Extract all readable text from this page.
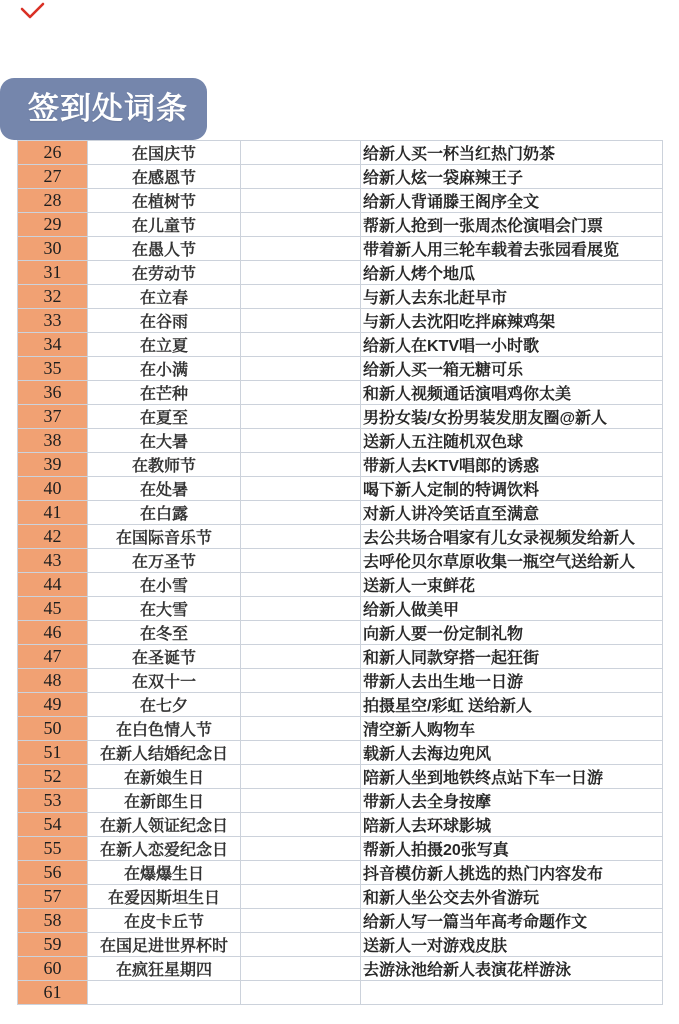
签到处词条
26	在国庆节		给新人买一杯当红热门奶茶
27	在感恩节		给新人炫一袋麻辣王子
28	在植树节		给新人背诵滕王阁序全文
29	在儿童节		帮新人抢到一张周杰伦演唱会门票
30	在愚人节		带着新人用三轮车载着去张园看展览
31	在劳动节		给新人烤个地瓜
32	在立春		与新人去东北赶早市
33	在谷雨		与新人去沈阳吃拌麻辣鸡架
34	在立夏		给新人在KTV唱一小时歌
35	在小满		给新人买一箱无糖可乐
36	在芒种		和新人视频通话演唱鸡你太美
37	在夏至		男扮女装/女扮男装发朋友圈@新人
38	在大暑		送新人五注随机双色球
39	在教师节		带新人去KTV唱郎的诱惑
40	在处暑		喝下新人定制的特调饮料
41	在白露		对新人讲冷笑话直至满意
42	在国际音乐节		去公共场合唱家有儿女录视频发给新人
43	在万圣节		去呼伦贝尔草原收集一瓶空气送给新人
44	在小雪		送新人一束鲜花
45	在大雪		给新人做美甲
46	在冬至		向新人要一份定制礼物
47	在圣诞节		和新人同款穿搭一起狂街
48	在双十一		带新人去出生地一日游
49	在七夕		拍摄星空/彩虹 送给新人
50	在白色情人节		清空新人购物车
51	在新人结婚纪念日		载新人去海边兜风
52	在新娘生日		陪新人坐到地铁终点站下车一日游
53	在新郎生日		带新人去全身按摩
54	在新人领证纪念日		陪新人去环球影城
55	在新人恋爱纪念日		帮新人拍摄20张写真
56	在爆爆生日		抖音模仿新人挑选的热门内容发布
57	在爱因斯坦生日		和新人坐公交去外省游玩
58	在皮卡丘节		给新人写一篇当年高考命题作文
59	在国足进世界杯时		送新人一对游戏皮肤
60	在疯狂星期四		去游泳池给新人表演花样游泳
61			
